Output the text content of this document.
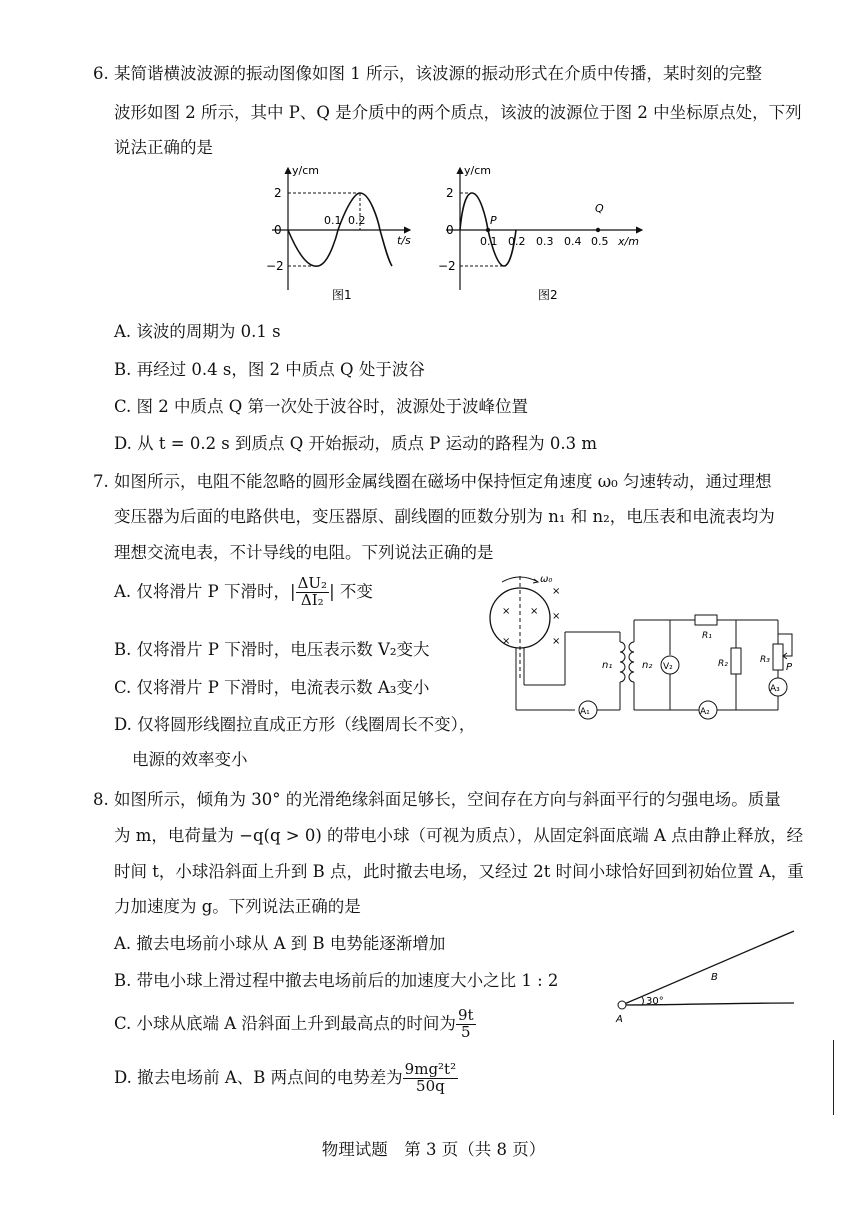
6. 某简谐横波波源的振动图像如图 1 所示，该波源的振动形式在介质中传播，某时刻的完整
波形如图 2 所示，其中 P、Q 是介质中的两个质点，该波的波源位于图 2 中坐标原点处，下列
说法正确的是
y/cm
2
0
−2
0.1 0.2
t/s
图1
y/cm
2
0
−2
P
Q
0.1 0.2 0.3 0.4 0.5 x/m
图2
A. 该波的周期为 0.1 s
B. 再经过 0.4 s，图 2 中质点 Q 处于波谷
C. 图 2 中质点 Q 第一次处于波谷时，波源处于波峰位置
D. 从 t = 0.2 s 到质点 Q 开始振动，质点 P 运动的路程为 0.3 m
7. 如图所示，电阻不能忽略的圆形金属线圈在磁场中保持恒定角速度 ω₀ 匀速转动，通过理想
变压器为后面的电路供电，变压器原、副线圈的匝数分别为 n₁ 和 n₂，电压表和电流表均为
理想交流电表，不计导线的电阻。下列说法正确的是
A. 仅将滑片 P 下滑时，| $\frac{\text{ΔU₂}}{\text{ΔI₂}}$ | 不变
B. 仅将滑片 P 下滑时，电压表示数 V₂变大
C. 仅将滑片 P 下滑时，电流表示数 A₃变小
D. 仅将圆形线圈拉直成正方形（线圈周长不变），
电源的效率变小
ω₀
× ×
×
×
×
×
A₁
n₁	n₂ V₂
R₁
R₂
A₂
R₃
P
A₃
8. 如图所示，倾角为 30° 的光滑绝缘斜面足够长，空间存在方向与斜面平行的匀强电场。质量
为 m，电荷量为 −q(q > 0) 的带电小球（可视为质点），从固定斜面底端 A 点由静止释放，经
时间 t，小球沿斜面上升到 B 点，此时撤去电场，又经过 2t 时间小球恰好回到初始位置 A，重
力加速度为 g。下列说法正确的是
A. 撤去电场前小球从 A 到 B 电势能逐渐增加
B. 带电小球上滑过程中撤去电场前后的加速度大小之比 1 : 2
C. 小球从底端 A 沿斜面上升到最高点的时间为 $\frac{9t}{5}$
D. 撤去电场前 A、B 两点间的电势差为 $\frac{\text{9mg²t²}}{50q}$
30°
A
B
物理试题　第 3 页（共 8 页）
